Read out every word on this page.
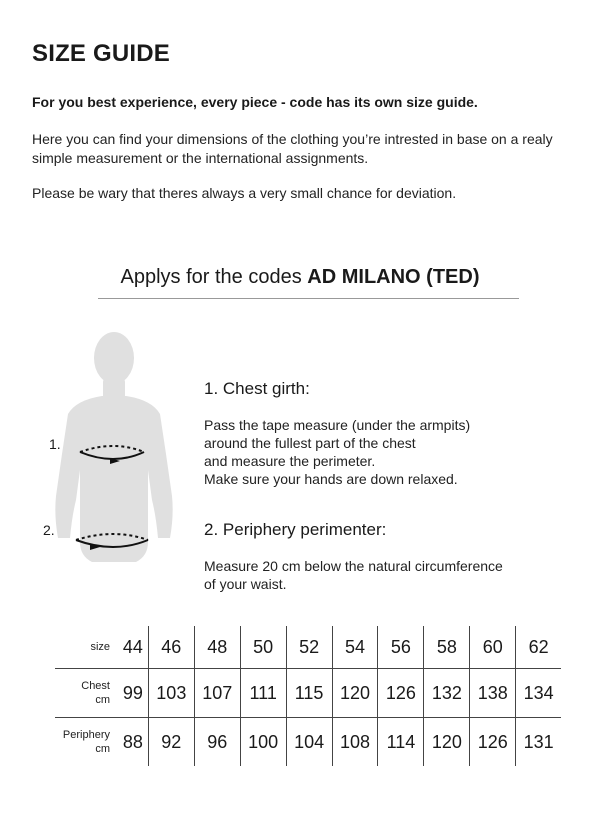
SIZE GUIDE

For you best experience, every piece - code has its own size guide.

Here you can find your dimensions of the clothing you’re intrested in base on a realy simple measurement or the international assignments.

Please be wary that theres always a very small chance for deviation.

Applys for the codes AD MILANO (TED)

1.
2.

1. Chest girth:

Pass the tape measure (under the armpits)
around the fullest part of the chest
and measure the perimeter.
Make sure your hands are down relaxed.

2. Periphery perimenter:

Measure 20 cm below the natural circumference
of your waist.
size	44	46	48	50	52	54	56	58	60	62
Chest
cm	99	103	107	111	115	120	126	132	138	134
Periphery
cm	88	92	96	100	104	108	114	120	126	131
